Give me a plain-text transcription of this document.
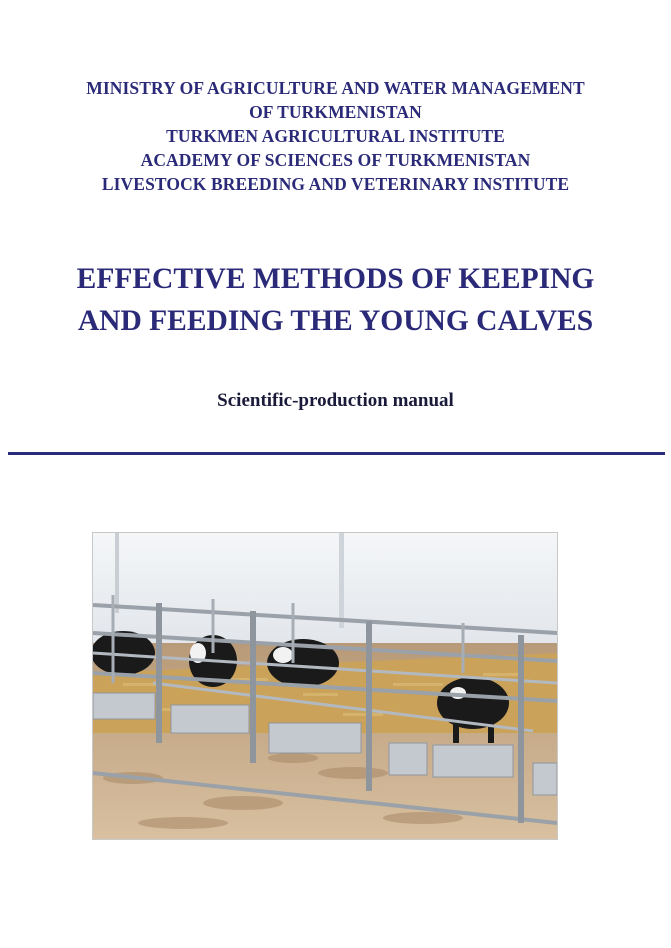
MINISTRY OF AGRICULTURE AND WATER MANAGEMENT
OF TURKMENISTAN
TURKMEN AGRICULTURAL INSTITUTE
ACADEMY OF SCIENCES OF TURKMENISTAN
LIVESTOCK BREEDING AND VETERINARY INSTITUTE
EFFECTIVE METHODS OF KEEPING
AND FEEDING THE YOUNG CALVES
Scientific-production manual
